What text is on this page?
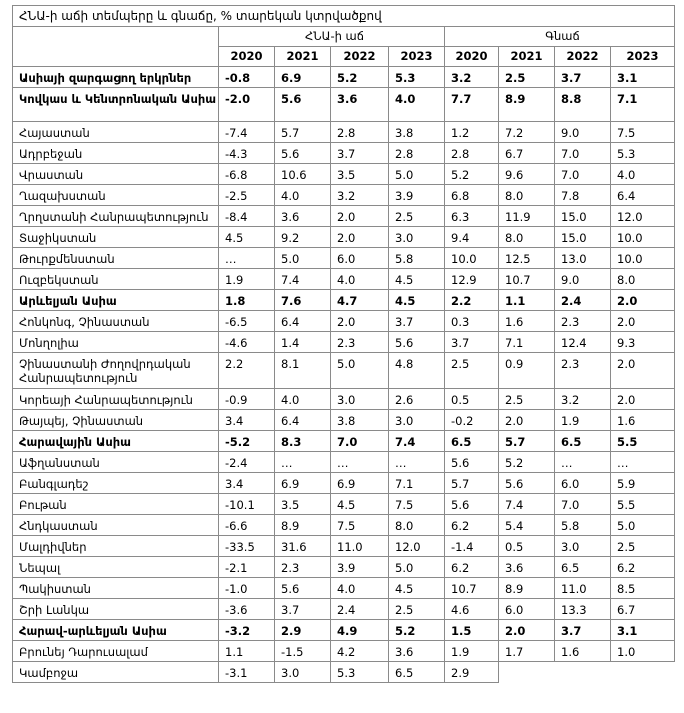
ՀՆԱ-ի աճի տեմպերը և գնաճը, % տարեկան կտրվածքով								
	ՀՆԱ-ի աճ				Գնաճ			
	2020	2021	2022	2023	2020	2021	2022	2023
Ասիայի զարգացող երկրներ	-0.8	6.9	5.2	5.3	3.2	2.5	3.7	3.1
Կովկաս և Կենտրոնական Ասիա	-2.0	5.6	3.6	4.0	7.7	8.9	8.8	7.1
Հայաստան	-7.4	5.7	2.8	3.8	1.2	7.2	9.0	7.5
Ադրբեջան	-4.3	5.6	3.7	2.8	2.8	6.7	7.0	5.3
Վրաստան	-6.8	10.6	3.5	5.0	5.2	9.6	7.0	4.0
Ղազախստան	-2.5	4.0	3.2	3.9	6.8	8.0	7.8	6.4
Ղրղստանի Հանրապետություն	-8.4	3.6	2.0	2.5	6.3	11.9	15.0	12.0
Տաջիկստան	4.5	9.2	2.0	3.0	9.4	8.0	15.0	10.0
Թուրքմենստան	…	5.0	6.0	5.8	10.0	12.5	13.0	10.0
Ուզբեկստան	1.9	7.4	4.0	4.5	12.9	10.7	9.0	8.0
Արևելյան Ասիա	1.8	7.6	4.7	4.5	2.2	1.1	2.4	2.0
Հոնկոնգ, Չինաստան	-6.5	6.4	2.0	3.7	0.3	1.6	2.3	2.0
Մոնղոլիա	-4.6	1.4	2.3	5.6	3.7	7.1	12.4	9.3
Չինաստանի Ժողովրդական Հանրապետություն	2.2	8.1	5.0	4.8	2.5	0.9	2.3	2.0
Կորեայի Հանրապետություն	-0.9	4.0	3.0	2.6	0.5	2.5	3.2	2.0
Թայպեյ, Չինաստան	3.4	6.4	3.8	3.0	-0.2	2.0	1.9	1.6
Հարավային Ասիա	-5.2	8.3	7.0	7.4	6.5	5.7	6.5	5.5
Աֆղանստան	-2.4	…	…	…	5.6	5.2	…	…
Բանգլադեշ	3.4	6.9	6.9	7.1	5.7	5.6	6.0	5.9
Բութան	-10.1	3.5	4.5	7.5	5.6	7.4	7.0	5.5
Հնդկաստան	-6.6	8.9	7.5	8.0	6.2	5.4	5.8	5.0
Մալդիվներ	-33.5	31.6	11.0	12.0	-1.4	0.5	3.0	2.5
Նեպալ	-2.1	2.3	3.9	5.0	6.2	3.6	6.5	6.2
Պակիստան	-1.0	5.6	4.0	4.5	10.7	8.9	11.0	8.5
Շրի Լանկա	-3.6	3.7	2.4	2.5	4.6	6.0	13.3	6.7
Հարավ-արևելյան Ասիա	-3.2	2.9	4.9	5.2	1.5	2.0	3.7	3.1
Բրունեյ Դարուսալամ	1.1	-1.5	4.2	3.6	1.9	1.7	1.6	1.0
Կամբոջա	-3.1	3.0	5.3	6.5	2.9			
